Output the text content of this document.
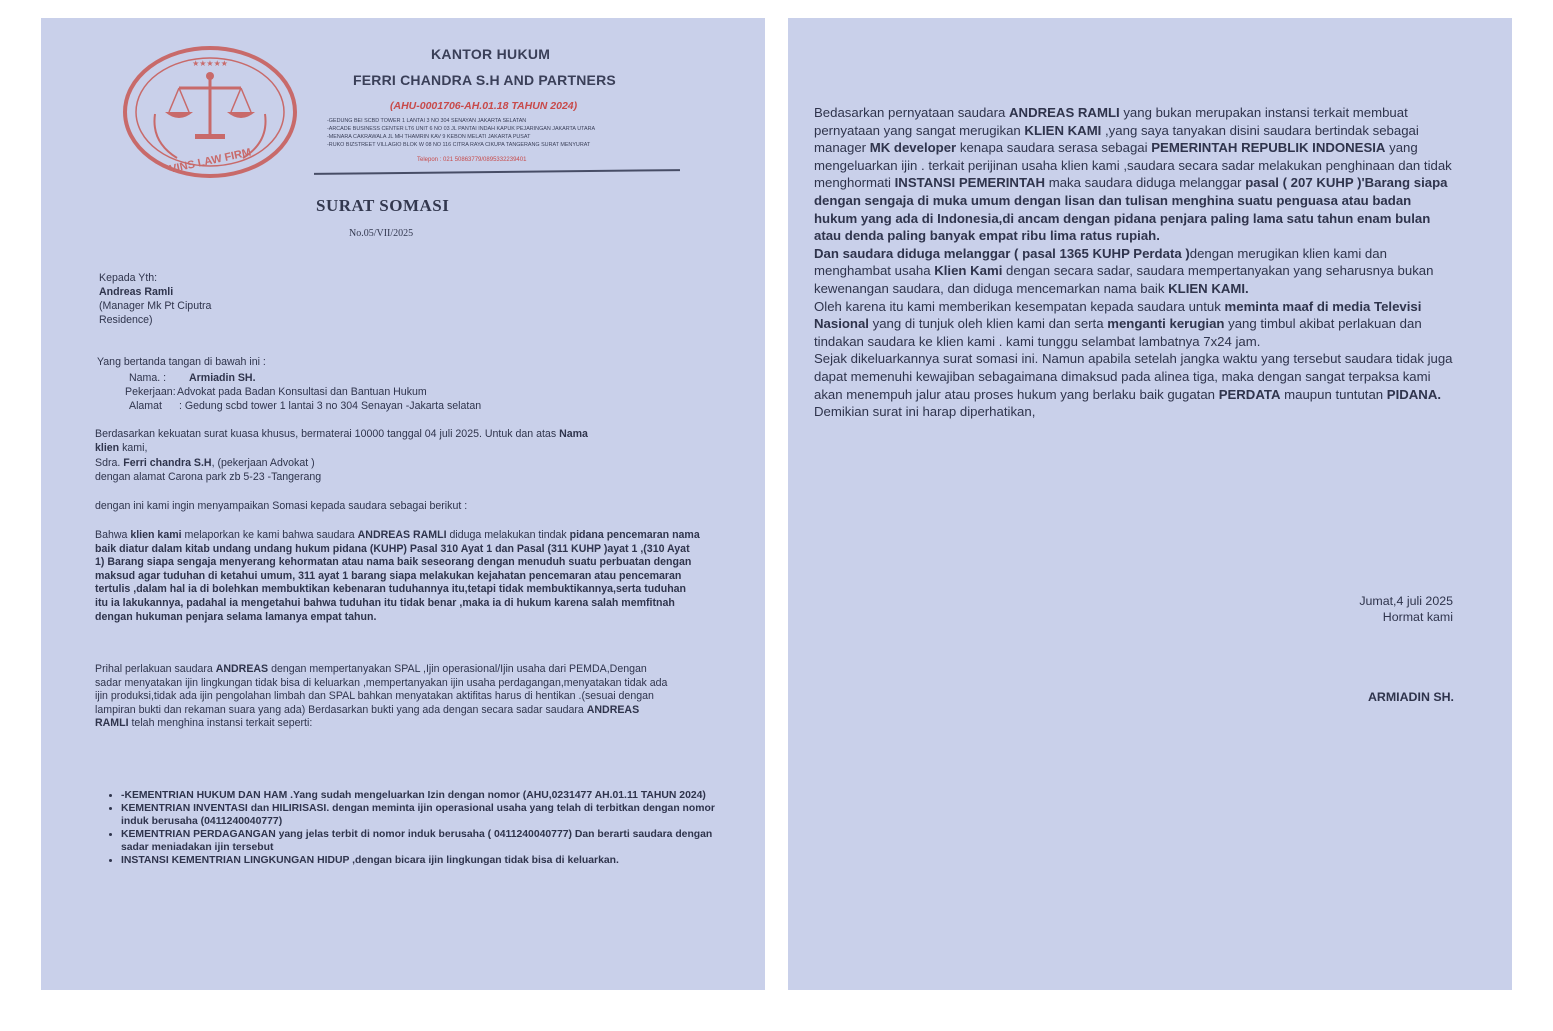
★★★★★
VINS LAW FIRM
KANTOR HUKUM
FERRI CHANDRA S.H AND PARTNERS
(AHU-0001706-AH.01.18 TAHUN 2024)
-GEDUNG BEI SCBD TOWER 1 LANTAI 3 NO 304 SENAYAN JAKARTA SELATAN
-ARCADE BUSINESS CENTER LT6 UNIT 6 NO 03 JL PANTAI INDAH KAPUK PEJARINGAN JAKARTA UTARA
-MENARA CAKRAWALA JL MH THAMRIN KAV 9 KEBON MELATI JAKARTA PUSAT
-RUKO BIZSTREET VILLAGIO BLOK W 08 NO 116 CITRA RAYA CIKUPA TANGERANG SURAT MENYURAT
Telepon : 021 50863779/0895332239401
SURAT SOMASI
No.05/VII/2025
Kepada Yth:
Andreas Ramli
(Manager Mk Pt Ciputra
Residence)
Yang bertanda tangan di bawah ini :
Nama. : Armiadin SH.
Pekerjaan: Advokat pada Badan Konsultasi dan Bantuan Hukum
Alamat : Gedung scbd tower 1 lantai 3 no 304 Senayan -Jakarta selatan
Berdasarkan kekuatan surat kuasa khusus, bermaterai 10000 tanggal 04 juli 2025. Untuk dan atas Nama
klien kami,
Sdra. Ferri chandra S.H, (pekerjaan Advokat )
dengan alamat Carona park zb 5-23 -Tangerang
dengan ini kami ingin menyampaikan Somasi kepada saudara sebagai berikut :
Bahwa klien kami melaporkan ke kami bahwa saudara ANDREAS RAMLI diduga melakukan tindak pidana pencemaran nama baik diatur dalam kitab undang undang hukum pidana (KUHP) Pasal 310 Ayat 1 dan Pasal (311 KUHP )ayat 1 ,(310 Ayat 1) Barang siapa sengaja menyerang kehormatan atau nama baik seseorang dengan menuduh suatu perbuatan dengan maksud agar tuduhan di ketahui umum, 311 ayat 1 barang siapa melakukan kejahatan pencemaran atau pencemaran tertulis ,dalam hal ia di bolehkan membuktikan kebenaran tuduhannya itu,tetapi tidak membuktikannya,serta tuduhan itu ia lakukannya, padahal ia mengetahui bahwa tuduhan itu tidak benar ,maka ia di hukum karena salah memfitnah dengan hukuman penjara selama lamanya empat tahun.
Prihal perlakuan saudara ANDREAS dengan mempertanyakan SPAL ,Ijin operasional/Ijin usaha dari PEMDA,Dengan sadar menyatakan ijin lingkungan tidak bisa di keluarkan ,mempertanyakan ijin usaha perdagangan,menyatakan tidak ada ijin produksi,tidak ada ijin pengolahan limbah dan SPAL bahkan menyatakan aktifitas harus di hentikan .(sesuai dengan lampiran bukti dan rekaman suara yang ada) Berdasarkan bukti yang ada dengan secara sadar saudara ANDREAS RAMLI telah menghina instansi terkait seperti:
• -KEMENTRIAN HUKUM DAN HAM .Yang sudah mengeluarkan Izin dengan nomor (AHU,0231477 AH.01.11 TAHUN 2024)
• KEMENTRIAN INVENTASI dan HILIRISASI. dengan meminta ijin operasional usaha yang telah di terbitkan dengan nomor induk berusaha (0411240040777)
• KEMENTRIAN PERDAGANGAN yang jelas terbit di nomor induk berusaha ( 0411240040777) Dan berarti saudara dengan sadar meniadakan ijin tersebut
• INSTANSI KEMENTRIAN LINGKUNGAN HIDUP ,dengan bicara ijin lingkungan tidak bisa di keluarkan.

Bedasarkan pernyataan saudara ANDREAS RAMLI yang bukan merupakan instansi terkait membuat pernyataan yang sangat merugikan KLIEN KAMI ,yang saya tanyakan disini saudara bertindak sebagai manager MK developer kenapa saudara serasa sebagai PEMERINTAH REPUBLIK INDONESIA yang mengeluarkan ijin . terkait perijinan usaha klien kami ,saudara secara sadar melakukan penghinaan dan tidak menghormati INSTANSI PEMERINTAH maka saudara diduga melanggar pasal ( 207 KUHP )'Barang siapa dengan sengaja di muka umum dengan lisan dan tulisan menghina suatu penguasa atau badan hukum yang ada di Indonesia,di ancam dengan pidana penjara paling lama satu tahun enam bulan atau denda paling banyak empat ribu lima ratus rupiah.

Dan saudara diduga melanggar ( pasal 1365 KUHP Perdata )dengan merugikan klien kami dan menghambat usaha Klien Kami dengan secara sadar, saudara mempertanyakan yang seharusnya bukan kewenangan saudara, dan diduga mencemarkan nama baik KLIEN KAMI.

Oleh karena itu kami memberikan kesempatan kepada saudara untuk meminta maaf di media Televisi Nasional yang di tunjuk oleh klien kami dan serta menganti kerugian yang timbul akibat perlakuan dan tindakan saudara ke klien kami . kami tunggu selambat lambatnya 7x24 jam.

Sejak dikeluarkannya surat somasi ini. Namun apabila setelah jangka waktu yang tersebut saudara tidak juga dapat memenuhi kewajiban sebagaimana dimaksud pada alinea tiga, maka dengan sangat terpaksa kami akan menempuh jalur atau proses hukum yang berlaku baik gugatan PERDATA maupun tuntutan PIDANA.

Demikian surat ini harap diperhatikan,

Jumat,4 juli 2025
Hormat kami
ARMIADIN SH.
